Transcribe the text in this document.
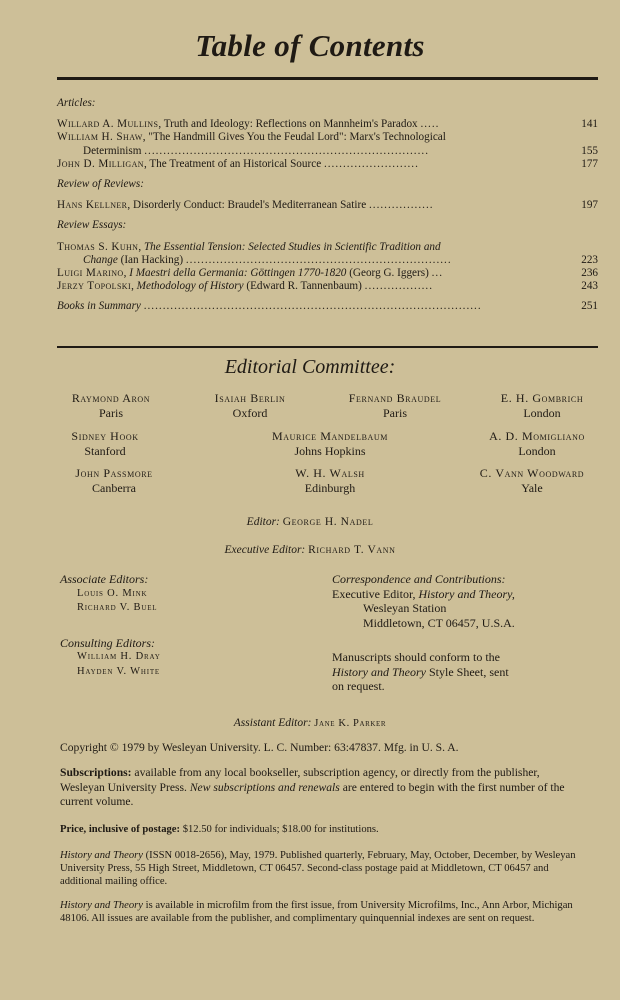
Table of Contents
Articles:
Willard A. Mullins, Truth and Ideology: Reflections on Mannheim's Paradox .....	141
William H. Shaw, "The Handmill Gives You the Feudal Lord": Marx's Technological
Determinism ...........................................................................	155
John D. Milligan, The Treatment of an Historical Source .........................	177
Review of Reviews:
Hans Kellner, Disorderly Conduct: Braudel's Mediterranean Satire .................	197
Review Essays:
Thomas S. Kuhn, The Essential Tension: Selected Studies in Scientific Tradition and
Change (Ian Hacking) ......................................................................	223
Luigi Marino, I Maestri della Germania: Göttingen 1770-1820 (Georg G. Iggers) ...	236
Jerzy Topolski, Methodology of History (Edward R. Tannenbaum) ..................	243
Books in Summary .........................................................................................	251
Editorial Committee:
Raymond Aron
Paris
Isaiah Berlin
Oxford
Fernand Braudel
Paris
E. H. Gombrich
London
Sidney Hook
Stanford
Maurice Mandelbaum
Johns Hopkins
A. D. Momigliano
London
John Passmore
Canberra
W. H. Walsh
Edinburgh
C. Vann Woodward
Yale
Editor: George H. Nadel
Executive Editor: Richard T. Vann
Associate Editors:
Louis O. Mink
Richard V. Buel
Consulting Editors:
William H. Dray
Hayden V. White
Correspondence and Contributions:
Executive Editor, History and Theory,
Wesleyan Station
Middletown, CT 06457, U.S.A.
Manuscripts should conform to the
History and Theory Style Sheet, sent
on request.
Assistant Editor: Jane K. Parker
Copyright © 1979 by Wesleyan University. L. C. Number: 63:47837. Mfg. in U. S. A.
Subscriptions: available from any local bookseller, subscription agency, or directly from the publisher, Wesleyan University Press. New subscriptions and renewals are entered to begin with the first number of the current volume.
Price, inclusive of postage: $12.50 for individuals; $18.00 for institutions.
History and Theory (ISSN 0018-2656), May, 1979. Published quarterly, February, May, October, December, by Wesleyan University Press, 55 High Street, Middletown, CT 06457. Second-class postage paid at Middletown, CT 06457 and additional mailing office.
History and Theory is available in microfilm from the first issue, from University Microfilms, Inc., Ann Arbor, Michigan 48106. All issues are available from the publisher, and complimentary quinquennial indexes are sent on request.
